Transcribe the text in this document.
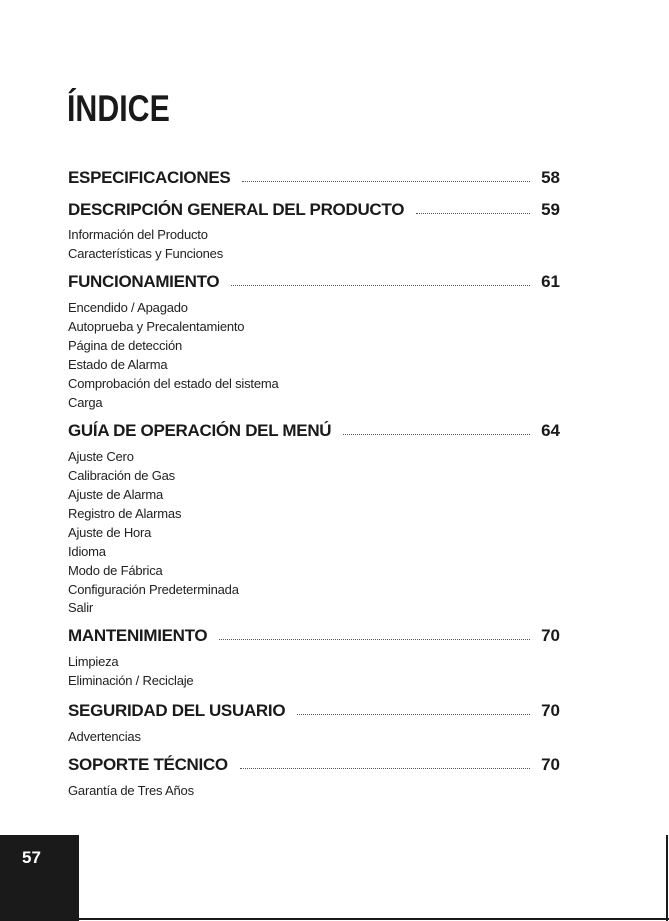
ÍNDICE
ESPECIFICACIONES	58
DESCRIPCIÓN GENERAL DEL PRODUCTO	59
Información del Producto
Características y Funciones
FUNCIONAMIENTO	61
Encendido / Apagado
Autoprueba y Precalentamiento
Página de detección
Estado de Alarma
Comprobación del estado del sistema
Carga
GUÍA DE OPERACIÓN DEL MENÚ	64
Ajuste Cero
Calibración de Gas
Ajuste de Alarma
Registro de Alarmas
Ajuste de Hora
Idioma
Modo de Fábrica
Configuración Predeterminada
Salir
MANTENIMIENTO	70
Limpieza
Eliminación / Reciclaje
SEGURIDAD DEL USUARIO	70
Advertencias
SOPORTE TÉCNICO	70
Garantía de Tres Años
57
